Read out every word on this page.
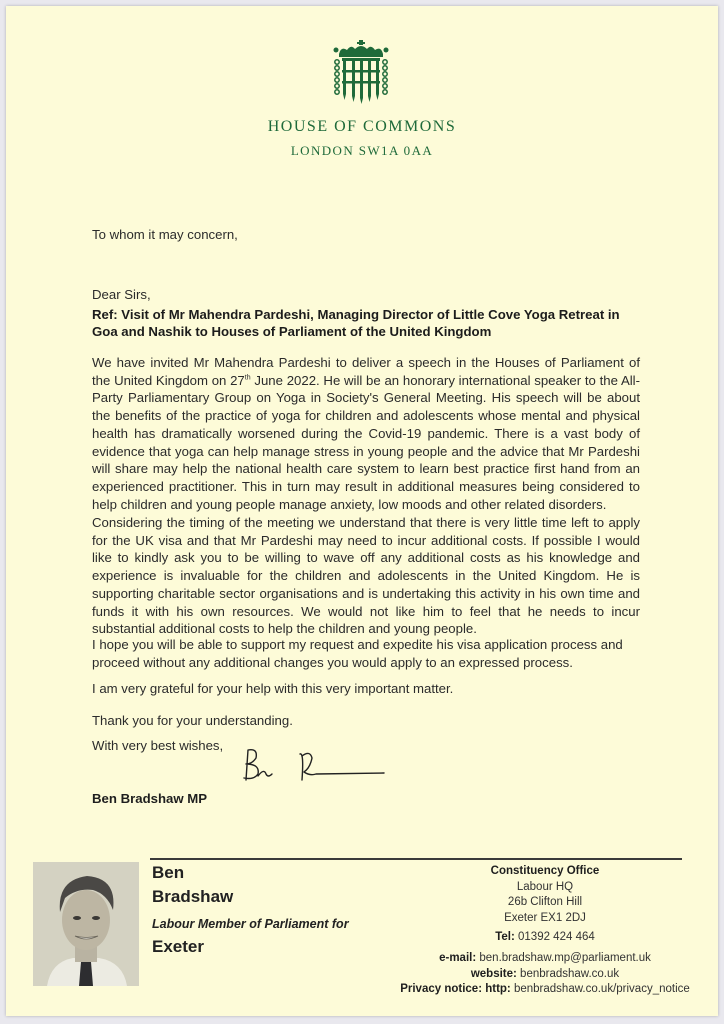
HOUSE OF COMMONS
LONDON SW1A 0AA
To whom it may concern,
Dear Sirs,
Ref: Visit of Mr Mahendra Pardeshi, Managing Director of Little Cove Yoga Retreat in
Goa and Nashik to Houses of Parliament of the United Kingdom
We have invited Mr Mahendra Pardeshi to deliver a speech in the Houses of Parliament of the United Kingdom on 27th June 2022. He will be an honorary international speaker to the All-Party Parliamentary Group on Yoga in Society's General Meeting. His speech will be about the benefits of the practice of yoga for children and adolescents whose mental and physical health has dramatically worsened during the Covid-19 pandemic. There is a vast body of evidence that yoga can help manage stress in young people and the advice that Mr Pardeshi will share may help the national health care system to learn best practice first hand from an experienced practitioner. This in turn may result in additional measures being considered to help children and young people manage anxiety, low moods and other related disorders.
Considering the timing of the meeting we understand that there is very little time left to apply for the UK visa and that Mr Pardeshi may need to incur additional costs. If possible I would like to kindly ask you to be willing to wave off any additional costs as his knowledge and experience is invaluable for the children and adolescents in the United Kingdom. He is supporting charitable sector organisations and is undertaking this activity in his own time and funds it with his own resources. We would not like him to feel that he needs to incur substantial additional costs to help the children and young people.
I hope you will be able to support my request and expedite his visa application process and proceed without any additional changes you would apply to an expressed process.
I am very grateful for your help with this very important matter.
Thank you for your understanding.
With very best wishes,
Ben Bradshaw MP
Ben
Bradshaw
Labour Member of Parliament for
Exeter
Constituency Office
Labour HQ
26b Clifton Hill
Exeter EX1 2DJ
Tel: 01392 424 464
e-mail: ben.bradshaw.mp@parliament.uk
website: benbradshaw.co.uk
Privacy notice: http: benbradshaw.co.uk/privacy_notice
